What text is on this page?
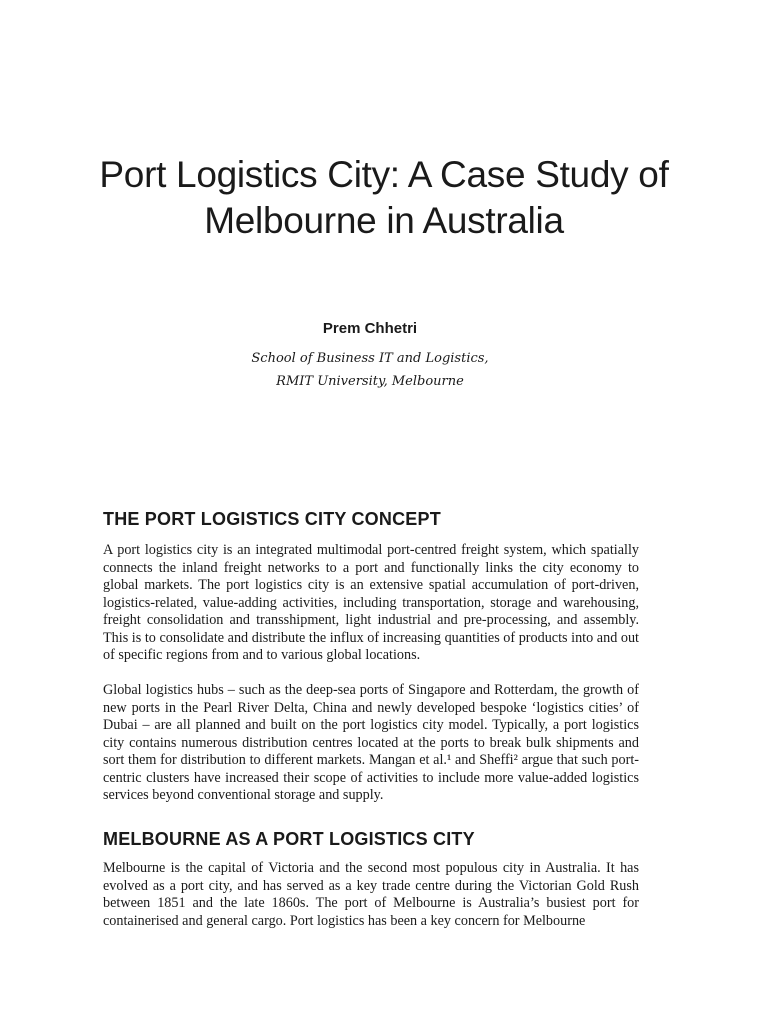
Port Logistics City: A Case Study of Melbourne in Australia
Prem Chhetri
School of Business IT and Logistics,
RMIT University, Melbourne
THE PORT LOGISTICS CITY CONCEPT

A port logistics city is an integrated multimodal port-centred freight system, which spatially connects the inland freight networks to a port and functionally links the city economy to global markets. The port logistics city is an extensive spatial accumulation of port-driven, logistics-related, value-adding activities, including transportation, storage and warehousing, freight consolidation and transshipment, light industrial and pre-processing, and assembly. This is to consolidate and distribute the influx of increasing quantities of products into and out of specific regions from and to various global locations.

Global logistics hubs – such as the deep-sea ports of Singapore and Rotterdam, the growth of new ports in the Pearl River Delta, China and newly developed bespoke ‘logistics cities’ of Dubai – are all planned and built on the port logistics city model. Typically, a port logistics city contains numerous distribution centres located at the ports to break bulk shipments and sort them for distribution to different markets. Mangan et al.¹ and Sheffi² argue that such port-centric clusters have increased their scope of activities to include more value-added logistics services beyond conventional storage and supply.

MELBOURNE AS A PORT LOGISTICS CITY

Melbourne is the capital of Victoria and the second most populous city in Australia. It has evolved as a port city, and has served as a key trade centre during the Victorian Gold Rush between 1851 and the late 1860s. The port of Melbourne is Australia’s busiest port for containerised and general cargo. Port logistics has been a key concern for Melbourne
